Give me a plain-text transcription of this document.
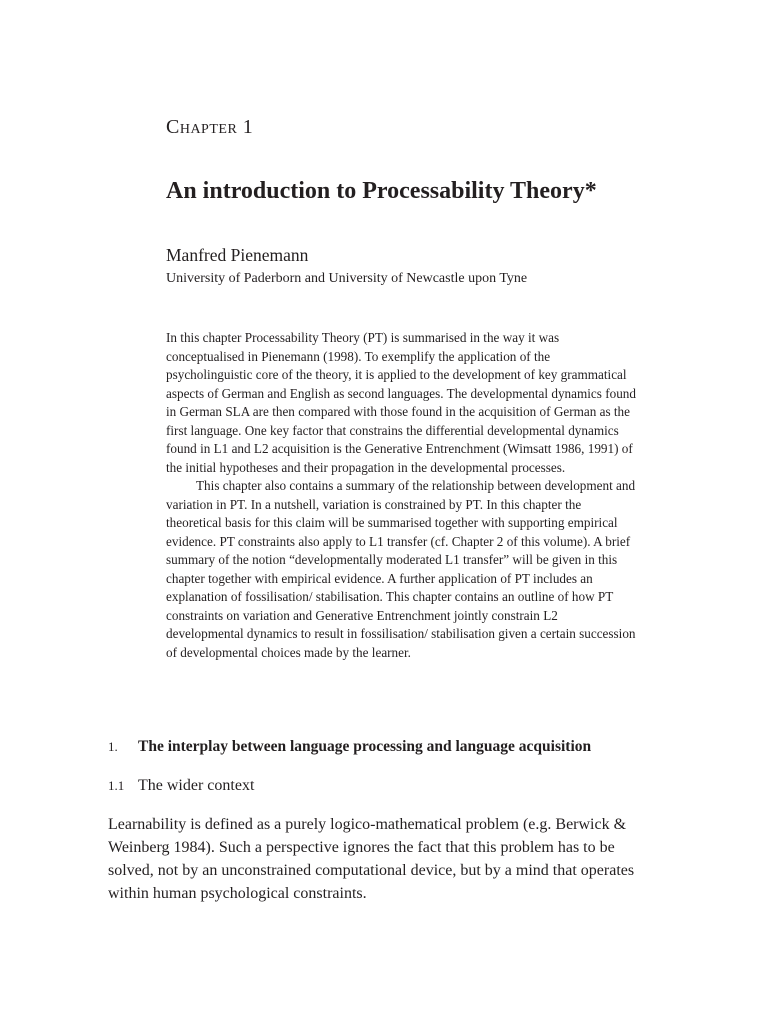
Chapter 1
An introduction to Processability Theory*
Manfred Pienemann
University of Paderborn and University of Newcastle upon Tyne

In this chapter Processability Theory (PT) is summarised in the way it was conceptualised in Pienemann (1998). To exemplify the application of the psycholinguistic core of the theory, it is applied to the development of key grammatical aspects of German and English as second languages. The developmental dynamics found in German SLA are then compared with those found in the acquisition of German as the first language. One key factor that constrains the differential developmental dynamics found in L1 and L2 acquisition is the Generative Entrenchment (Wimsatt 1986, 1991) of the initial hypotheses and their propagation in the developmental processes.

This chapter also contains a summary of the relationship between development and variation in PT. In a nutshell, variation is constrained by PT. In this chapter the theoretical basis for this claim will be summarised together with supporting empirical evidence. PT constraints also apply to L1 transfer (cf. Chapter 2 of this volume). A brief summary of the notion “developmentally moderated L1 transfer” will be given in this chapter together with empirical evidence. A further application of PT includes an explanation of fossilisation/ stabilisation. This chapter contains an outline of how PT constraints on variation and Generative Entrenchment jointly constrain L2 developmental dynamics to result in fossilisation/ stabilisation given a certain succession of developmental choices made by the learner.

1. The interplay between language processing and language acquisition
1.1 The wider context

Learnability is defined as a purely logico-mathematical problem (e.g. Berwick & Weinberg 1984). Such a perspective ignores the fact that this problem has to be solved, not by an unconstrained computational device, but by a mind that operates within human psychological constraints.
